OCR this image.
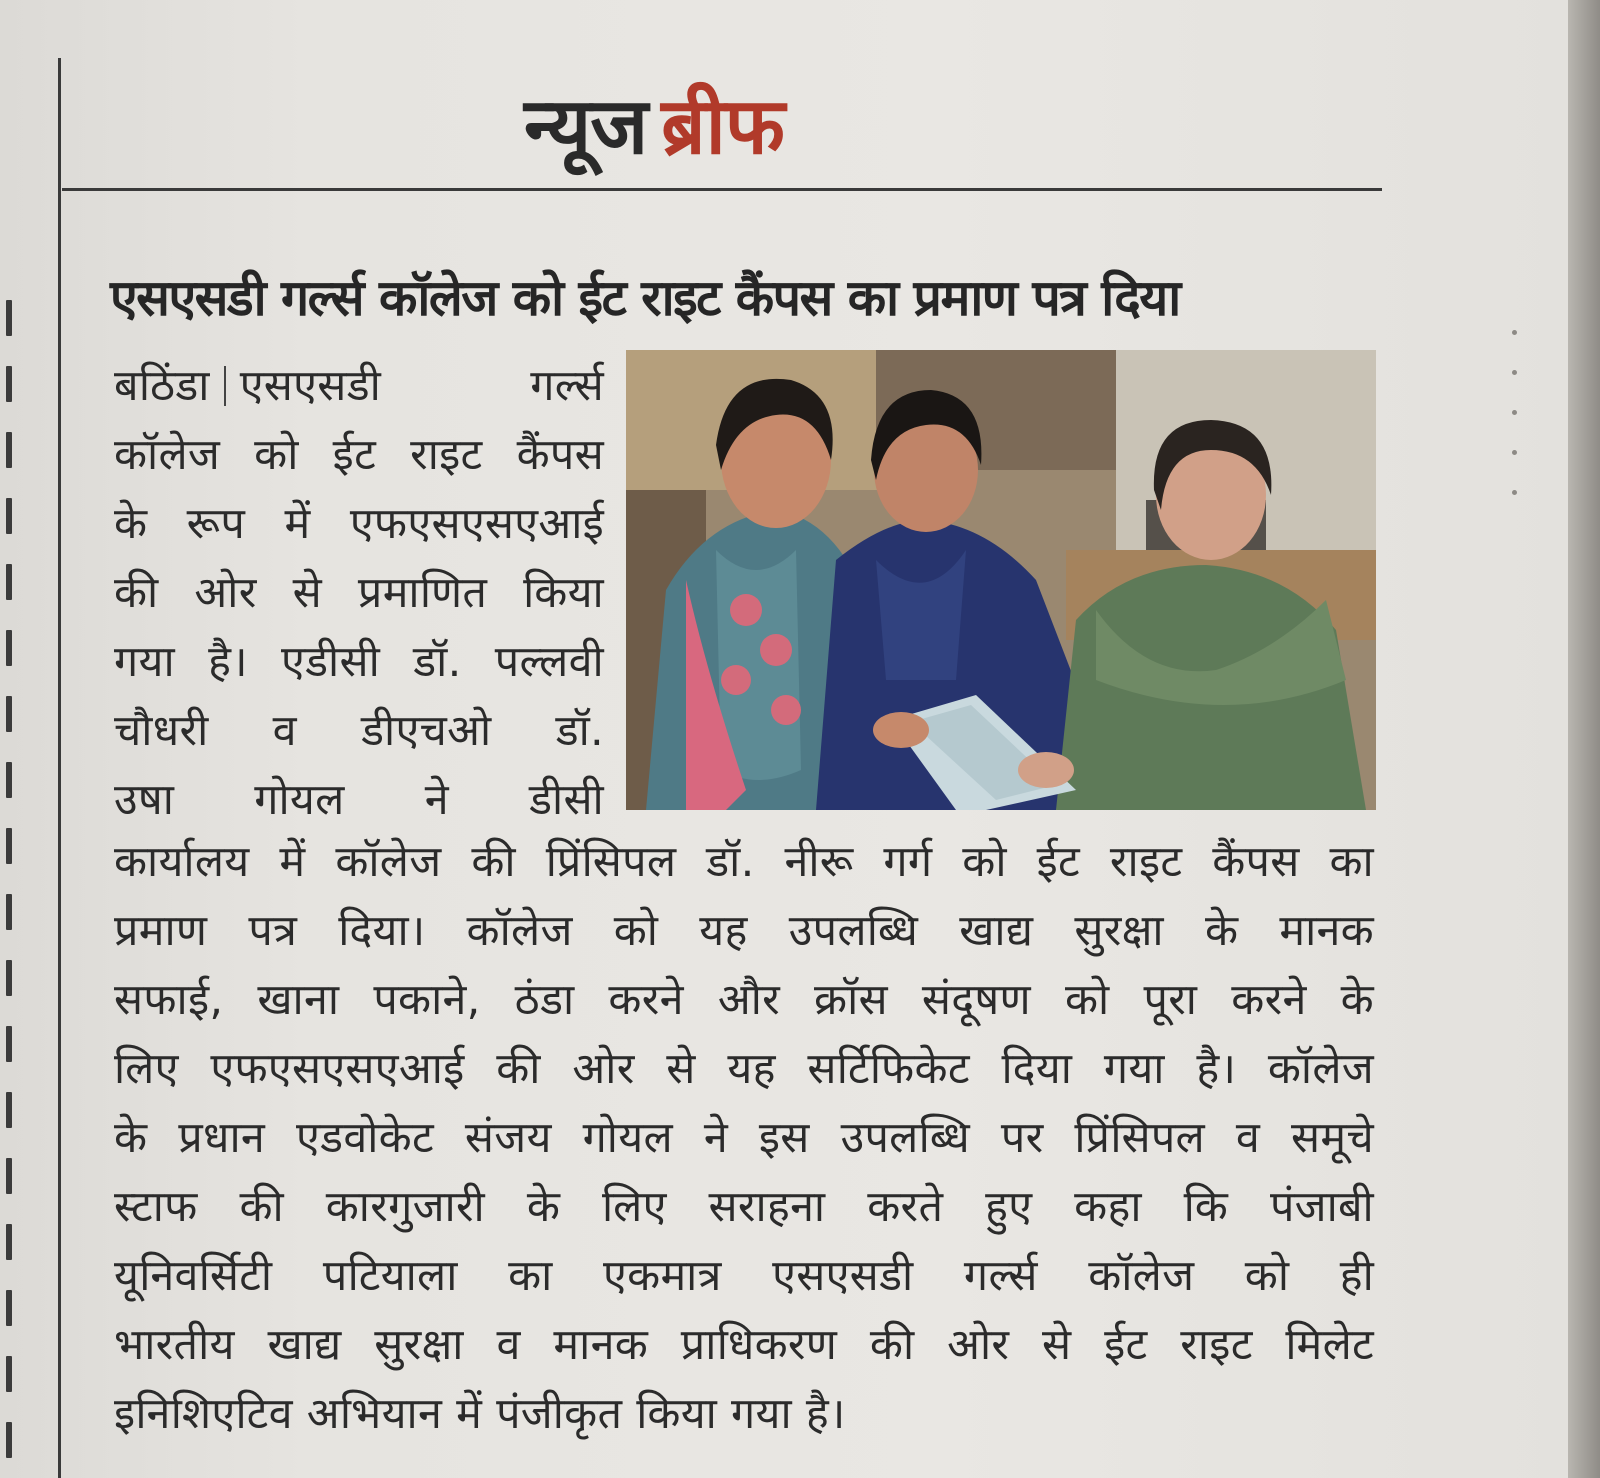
न्यूज ब्रीफ
एसएसडी गर्ल्स कॉलेज को ईट राइट कैंपस का प्रमाण पत्र दिया
बठिंडा एसएसडी गर्ल्स
कॉलेज को ईट राइट कैंपस
के रूप में एफएसएसएआई
की ओर से प्रमाणित किया
गया है। एडीसी डॉ. पल्लवी
चौधरी व डीएचओ डॉ.
उषा गोयल ने डीसी
कार्यालय में कॉलेज की प्रिंसिपल डॉ. नीरू गर्ग को ईट राइट कैंपस का
प्रमाण पत्र दिया। कॉलेज को यह उपलब्धि खाद्य सुरक्षा के मानक
सफाई, खाना पकाने, ठंडा करने और क्रॉस संदूषण को पूरा करने के
लिए एफएसएसएआई की ओर से यह सर्टिफिकेट दिया गया है। कॉलेज
के प्रधान एडवोकेट संजय गोयल ने इस उपलब्धि पर प्रिंसिपल व समूचे
स्टाफ की कारगुजारी के लिए सराहना करते हुए कहा कि पंजाबी
यूनिवर्सिटी पटियाला का एकमात्र एसएसडी गर्ल्स कॉलेज को ही
भारतीय खाद्य सुरक्षा व मानक प्राधिकरण की ओर से ईट राइट मिलेट
इनिशिएटिव अभियान में पंजीकृत किया गया है।
